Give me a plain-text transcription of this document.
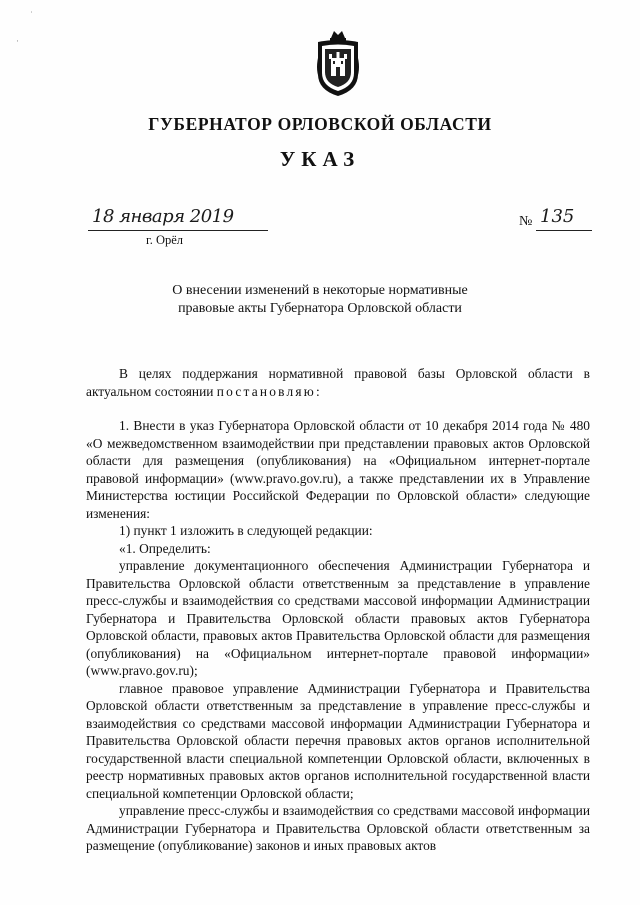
˙
·
ГУБЕРНАТОР ОРЛОВСКОЙ ОБЛАСТИ
УКАЗ
18 января 2019
г. Орёл
№ 135
О внесении изменений в некоторые нормативные
правовые акты Губернатора Орловской области

В целях поддержания нормативной правовой базы Орловской области в актуальном состоянии постановляю:

1. Внести в указ Губернатора Орловской области от 10 декабря 2014 года № 480 «О межведомственном взаимодействии при представлении правовых актов Орловской области для размещения (опубликования) на «Официальном интернет-портале правовой информации» (www.pravo.gov.ru), а также представлении их в Управление Министерства юстиции Российской Федерации по Орловской области» следующие изменения:

1) пункт 1 изложить в следующей редакции:

«1. Определить:

управление документационного обеспечения Администрации Губернатора и Правительства Орловской области ответственным за представление в управление пресс-службы и взаимодействия со средствами массовой информации Администрации Губернатора и Правительства Орловской области правовых актов Губернатора Орловской области, правовых актов Правительства Орловской области для размещения (опубликования) на «Официальном интернет-портале правовой информации» (www.pravo.gov.ru);

главное правовое управление Администрации Губернатора и Правительства Орловской области ответственным за представление в управление пресс-службы и взаимодействия со средствами массовой информации Администрации Губернатора и Правительства Орловской области перечня правовых актов органов исполнительной государственной власти специальной компетенции Орловской области, включенных в реестр нормативных правовых актов органов исполнительной государственной власти специальной компетенции Орловской области;

управление пресс-службы и взаимодействия со средствами массовой информации Администрации Губернатора и Правительства Орловской области ответственным за размещение (опубликование) законов и иных правовых актов
